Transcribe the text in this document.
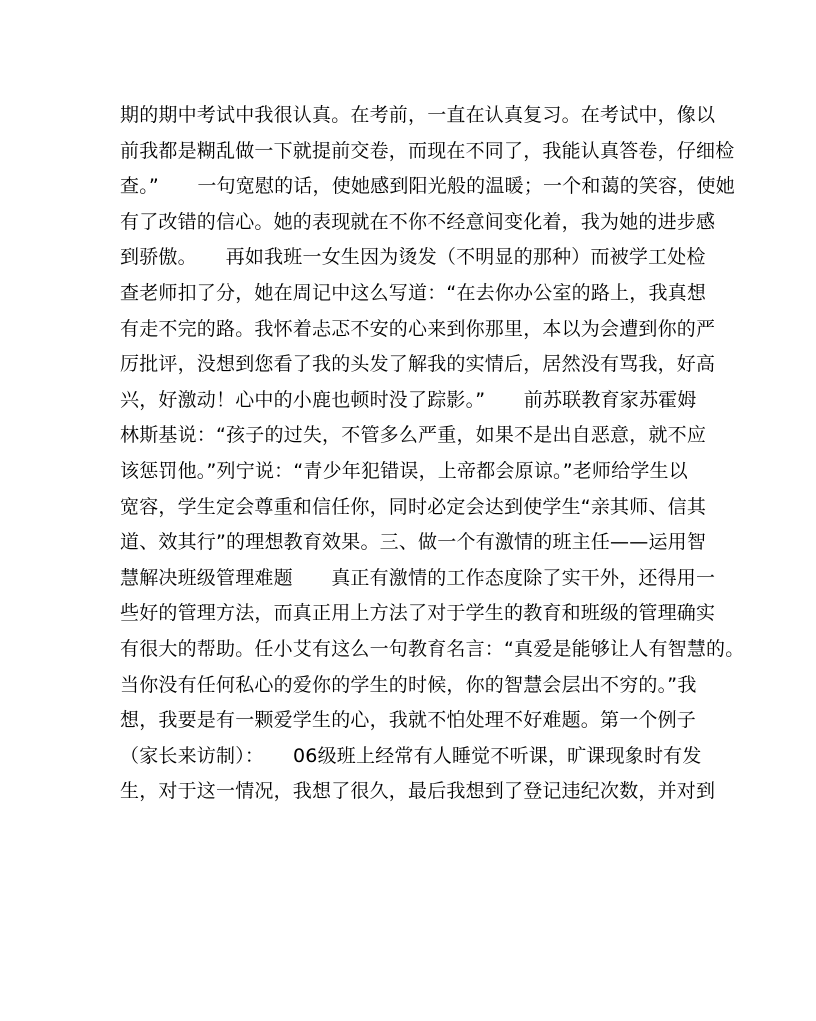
期的期中考试中我很认真。在考前，一直在认真复习。在考试中，像以
前我都是糊乱做一下就提前交卷，而现在不同了，我能认真答卷，仔细检
查。”　　一句宽慰的话，使她感到阳光般的温暖；一个和蔼的笑容，使她
有了改错的信心。她的表现就在不你不经意间变化着，我为她的进步感
到骄傲。　　再如我班一女生因为烫发（不明显的那种）而被学工处检
查老师扣了分，她在周记中这么写道：“在去你办公室的路上，我真想
有走不完的路。我怀着忐忑不安的心来到你那里，本以为会遭到你的严
厉批评，没想到您看了我的头发了解我的实情后，居然没有骂我，好高
兴，好激动！心中的小鹿也顿时没了踪影。”　　前苏联教育家苏霍姆
林斯基说：“孩子的过失，不管多么严重，如果不是出自恶意，就不应
该惩罚他。”列宁说：“青少年犯错误，上帝都会原谅。”老师给学生以
宽容，学生定会尊重和信任你，同时必定会达到使学生“亲其师、信其
道、效其行”的理想教育效果。三、做一个有激情的班主任——运用智
慧解决班级管理难题　　真正有激情的工作态度除了实干外，还得用一
些好的管理方法，而真正用上方法了对于学生的教育和班级的管理确实
有很大的帮助。任小艾有这么一句教育名言：“真爱是能够让人有智慧的。
当你没有任何私心的爱你的学生的时候，你的智慧会层出不穷的。”我
想，我要是有一颗爱学生的心，我就不怕处理不好难题。第一个例子
（家长来访制）：　　06级班上经常有人睡觉不听课，旷课现象时有发
生，对于这一情况，我想了很久，最后我想到了登记违纪次数，并对到
